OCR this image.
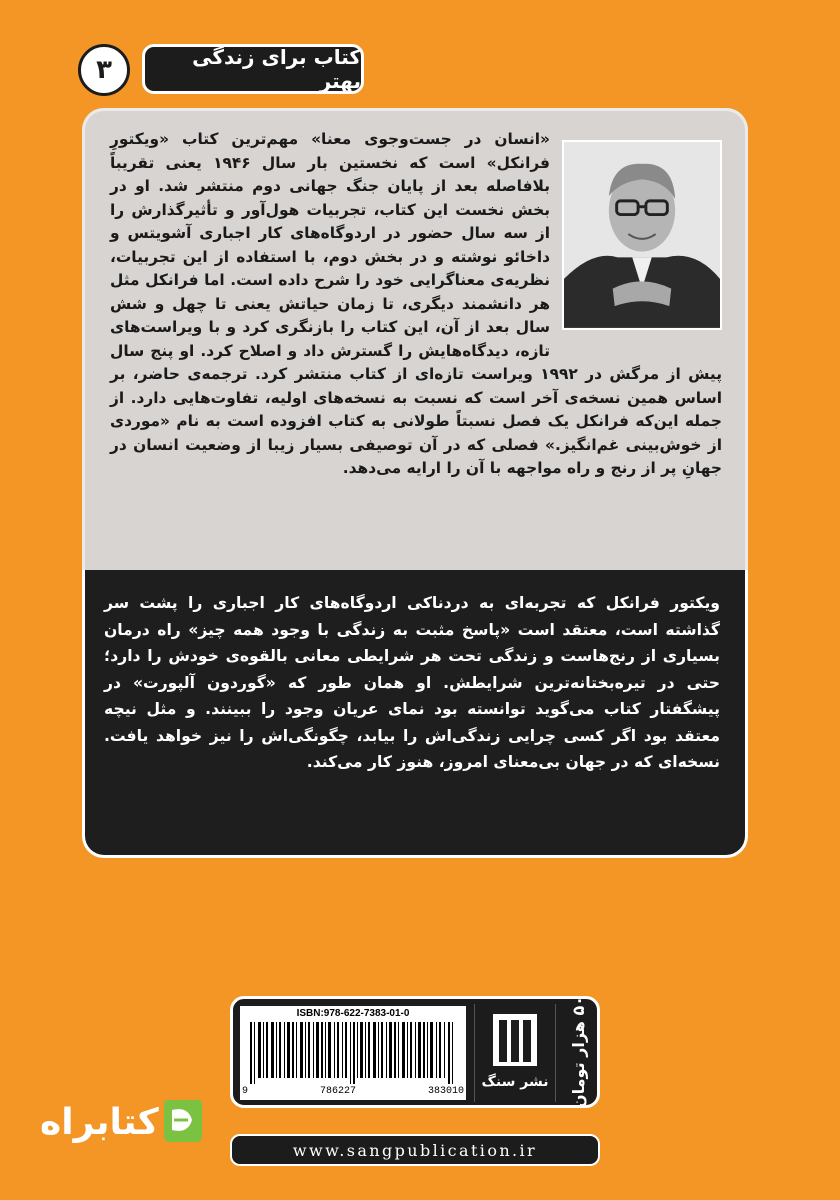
کتاب برای زندگی بهتر
۳
«انسان در جست‌وجوی معنا» مهم‌ترین کتاب «ویکتورِ فرانکل» است که نخستین بار سال ۱۹۴۶ یعنی تقریباً بلافاصله بعد از پایان جنگ جهانی دوم منتشر شد. او در بخش نخست این کتاب، تجربیات هول‌آور و تأثیرگذارش را از سه سال حضور در اردوگاه‌های کار اجباری آشویتس و داخائو نوشته و در بخش دوم، با استفاده از این تجربیات، نظریه‌ی معناگرایی خود را شرح داده است. اما فرانکل مثل هر دانشمند دیگری، تا زمان حیاتش یعنی تا چهل و شش سال بعد از آن، این کتاب را بازنگری کرد و با ویراست‌های تازه، دیدگاه‌هایش را گسترش داد و اصلاح کرد. او پنج سال پیش از مرگش در ۱۹۹۲ ویراست تازه‌ای از کتاب منتشر کرد. ترجمه‌ی حاضر، بر اساس همین نسخه‌ی آخر است که نسبت به نسخه‌های اولیه، تفاوت‌هایی دارد. از جمله این‌که فرانکل یک فصل نسبتاً طولانی به کتاب افزوده است به نام «موردی از خوش‌بینی غم‌انگیز.» فصلی که در آن توصیفی بسیار زیبا از وضعیت انسان در جهانِ پر از رنج و راه مواجهه با آن را ارایه می‌دهد.
ویکتور فرانکل که تجربه‌ای به دردناکی اردوگاه‌های کار اجباری را پشت سر گذاشته است، معتقد است «پاسخ مثبت به زندگی با وجود همه چیز» راه درمان بسیاری از رنج‌هاست و زندگی تحت هر شرایطی معانی بالقوه‌ی خودش را دارد؛ حتی در تیره‌بختانه‌ترین شرایطش. او همان طور که «گوردون آلپورت» در پیشگفتار کتاب می‌گوید توانسته بود نمای عریان وجود را ببینند. و مثل نیچه معتقد بود اگر کسی چرایی زندگی‌اش را بیابد، چگونگی‌اش را نیز خواهد یافت. نسخه‌ای که در جهان بی‌معنای امروز، هنوز کار می‌کند.
۵۰ هزار تومان
نشر سنگ
ISBN:978-622-7383-01-0
9	786227	383010
www.sangpublication.ir
کتابراه
